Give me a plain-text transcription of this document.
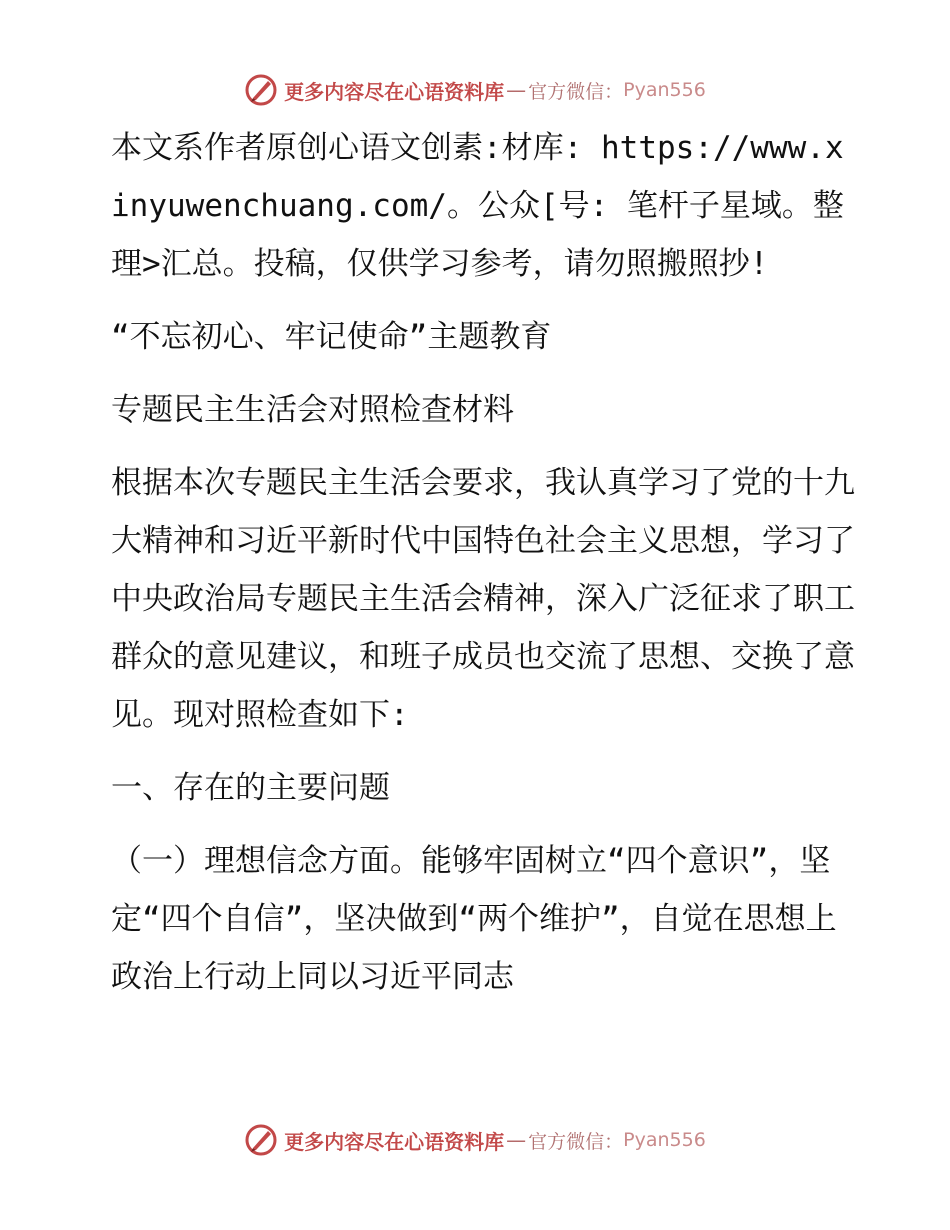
更多内容尽在心语资料库 — 官方微信： Pyan556

本文系作者原创心语文创素:材库: https://www.xinyuwenchuang.com/。公众[号: 笔杆子星域。整理>汇总。投稿，仅供学习参考，请勿照搬照抄!

“不忘初心、牢记使命”主题教育

专题民主生活会对照检查材料

根据本次专题民主生活会要求，我认真学习了党的十九大精神和习近平新时代中国特色社会主义思想，学习了中央政治局专题民主生活会精神，深入广泛征求了职工群众的意见建议，和班子成员也交流了思想、交换了意见。现对照检查如下:

一、存在的主要问题

（一）理想信念方面。能够牢固树立“四个意识”，坚定“四个自信”，坚决做到“两个维护”，自觉在思想上政治上行动上同以习近平同志

更多内容尽在心语资料库 — 官方微信： Pyan556
